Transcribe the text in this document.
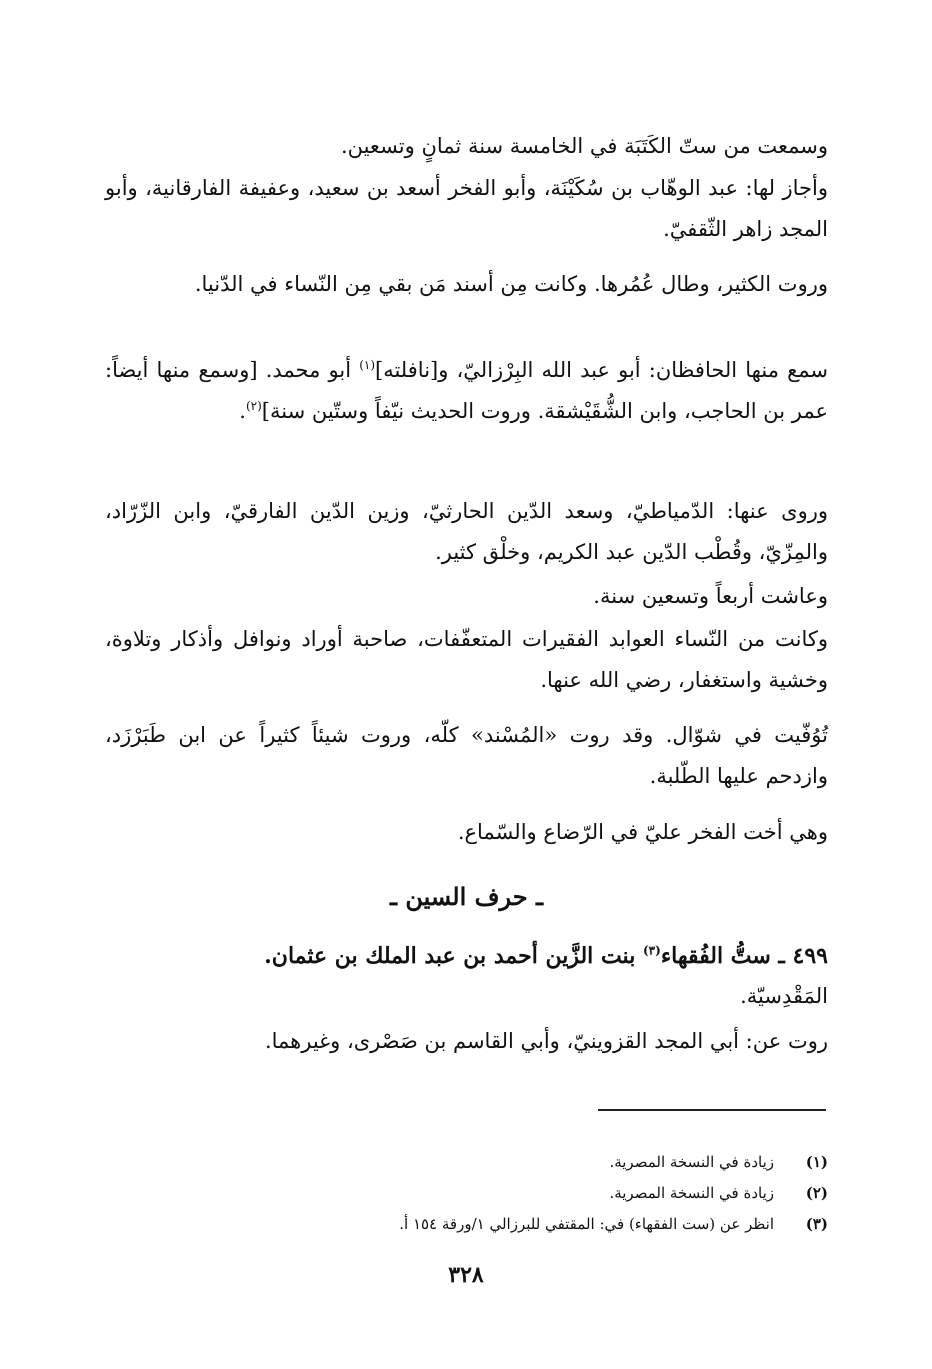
وسمعت من ستّ الكَتَبَة في الخامسة سنة ثمانٍ وتسعين.

وأجاز لها: عبد الوهّاب بن سُكَيْنَة، وأبو الفخر أسعد بن سعيد، وعفيفة الفارقانية، وأبو المجد زاهر الثّقفيّ.

وروت الكثير، وطال عُمُرها. وكانت مِن أسند مَن بقي مِن النّساء في الدّنيا.

سمع منها الحافظان: أبو عبد الله البِرْزاليّ، و[نافلته]$^{(١)}$ أبو محمد. [وسمع منها أيضاً: عمر بن الحاجب، وابن الشُّقَيْشقة. وروت الحديث نيّفاً وستّين سنة]$^{(٢)}$.

وروى عنها: الدّمياطيّ، وسعد الدّين الحارثيّ، وزين الدّين الفارقيّ، وابن الزّرّاد، والمِزّيّ، وقُطْب الدّين عبد الكريم، وخلْق كثير.

وعاشت أربعاً وتسعين سنة.

وكانت من النّساء العوابد الفقيرات المتعفّفات، صاحبة أوراد ونوافل وأذكار وتلاوة، وخشية واستغفار، رضي الله عنها.

تُوُفّيت في شوّال. وقد روت «المُسْند» كلّه، وروت شيئاً كثيراً عن ابن طَبَرْزَد، وازدحم عليها الطّلبة.

وهي أخت الفخر عليّ في الرّضاع والسّماع.

ـ حرف السين ـ

٤٩٩ ـ ستُّ الفُقهاء$^{(٣)}$ بنت الزَّين أحمد بن عبد الملك بن عثمان.

المَقْدِسيّة.

روت عن: أبي المجد القزوينيّ، وأبي القاسم بن صَصْرى، وغيرهما.

(١)زيادة في النسخة المصرية.

(٢)زيادة في النسخة المصرية.

(٣)انظر عن (ست الفقهاء) في: المقتفي للبرزالي ١/ورقة ١٥٤ أ.

٣٢٨
